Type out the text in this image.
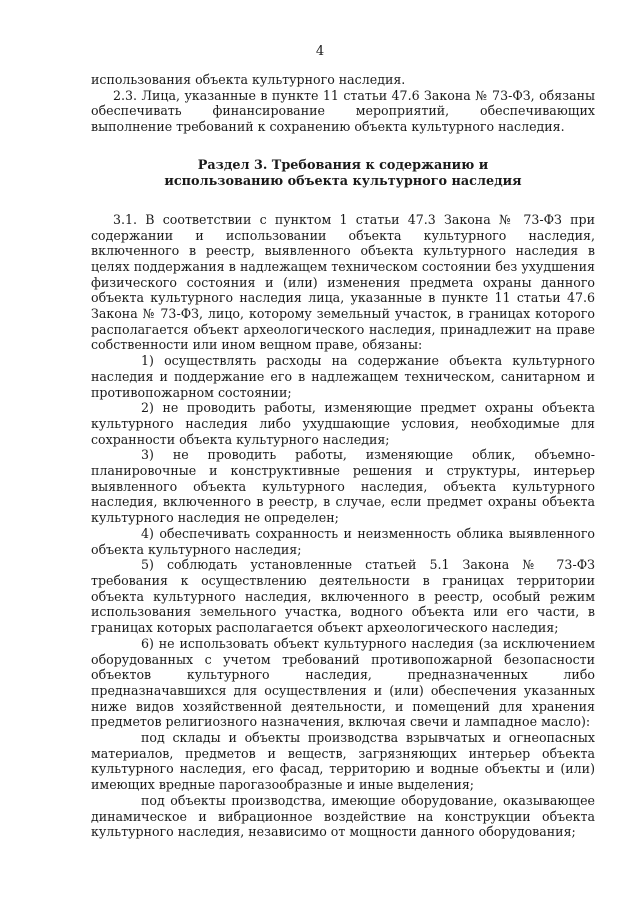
4

использования объекта культурного наследия.

2.3. Лица, указанные в пункте 11 статьи 47.6 Закона № 73-ФЗ, обязаны обеспечивать финансирование мероприятий, обеспечивающих выполнение требований к сохранению объекта культурного наследия.

Раздел 3. Требования к содержанию и использованию объекта культурного наследия

3.1. В соответствии с пунктом 1 статьи 47.3 Закона № 73-ФЗ при содержании и использовании объекта культурного наследия, включенного в реестр, выявленного объекта культурного наследия в целях поддержания в надлежащем техническом состоянии без ухудшения физического состояния и (или) изменения предмета охраны данного объекта культурного наследия лица, указанные в пункте 11 статьи 47.6 Закона № 73-ФЗ, лицо, которому земельный участок, в границах которого располагается объект археологического наследия, принадлежит на праве собственности или ином вещном праве, обязаны:

1) осуществлять расходы на содержание объекта культурного наследия и поддержание его в надлежащем техническом, санитарном и противопожарном состоянии;

2) не проводить работы, изменяющие предмет охраны объекта культурного наследия либо ухудшающие условия, необходимые для сохранности объекта культурного наследия;

3) не проводить работы, изменяющие облик, объемно-планировочные и конструктивные решения и структуры, интерьер выявленного объекта культурного наследия, объекта культурного наследия, включенного в реестр, в случае, если предмет охраны объекта культурного наследия не определен;

4) обеспечивать сохранность и неизменность облика выявленного объекта культурного наследия;

5) соблюдать установленные статьей 5.1 Закона № 73-ФЗ требования к осуществлению деятельности в границах территории объекта культурного наследия, включенного в реестр, особый режим использования земельного участка, водного объекта или его части, в границах которых располагается объект археологического наследия;

6) не использовать объект культурного наследия (за исключением оборудованных с учетом требований противопожарной безопасности объектов культурного наследия, предназначенных либо предназначавшихся для осуществления и (или) обеспечения указанных ниже видов хозяйственной деятельности, и помещений для хранения предметов религиозного назначения, включая свечи и лампадное масло):

под склады и объекты производства взрывчатых и огнеопасных материалов, предметов и веществ, загрязняющих интерьер объекта культурного наследия, его фасад, территорию и водные объекты и (или) имеющих вредные парогазообразные и иные выделения;

под объекты производства, имеющие оборудование, оказывающее динамическое и вибрационное воздействие на конструкции объекта культурного наследия, независимо от мощности данного оборудования;
